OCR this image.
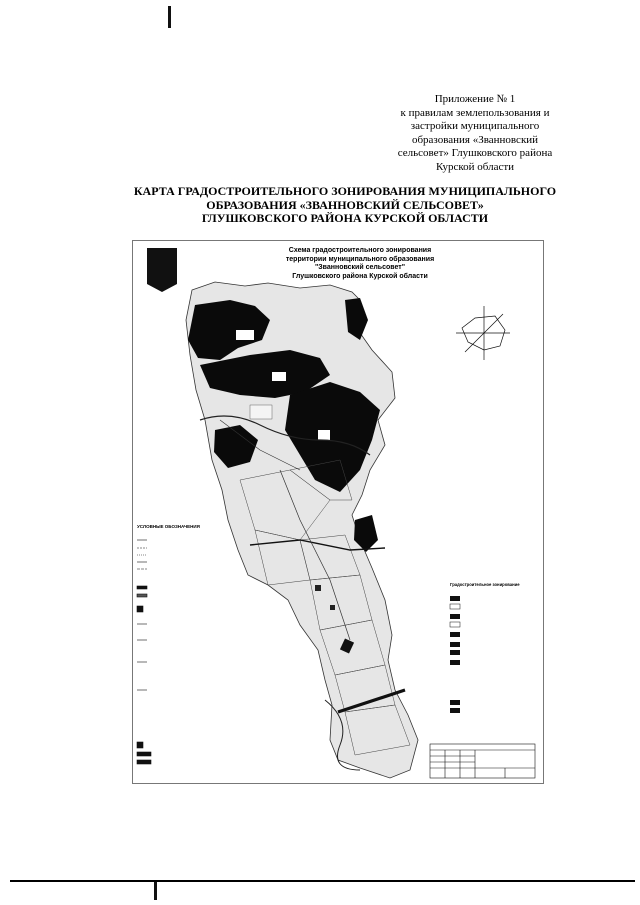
Приложение № 1
к правилам землепользования и
застройки муниципального
образования «Званновский
сельсовет» Глушковского района
Курской области
КАРТА ГРАДОСТРОИТЕЛЬНОГО ЗОНИРОВАНИЯ МУНИЦИПАЛЬНОГО
ОБРАЗОВАНИЯ «ЗВАННОВСКИЙ СЕЛЬСОВЕТ»
ГЛУШКОВСКОГО РАЙОНА КУРСКОЙ ОБЛАСТИ
Схема градостроительного зонирования
территории муниципального образования
"Званновский сельсовет"
Глушковского района Курской области
УСЛОВНЫЕ ОБОЗНАЧЕНИЯ
Градостроительное зонирование
